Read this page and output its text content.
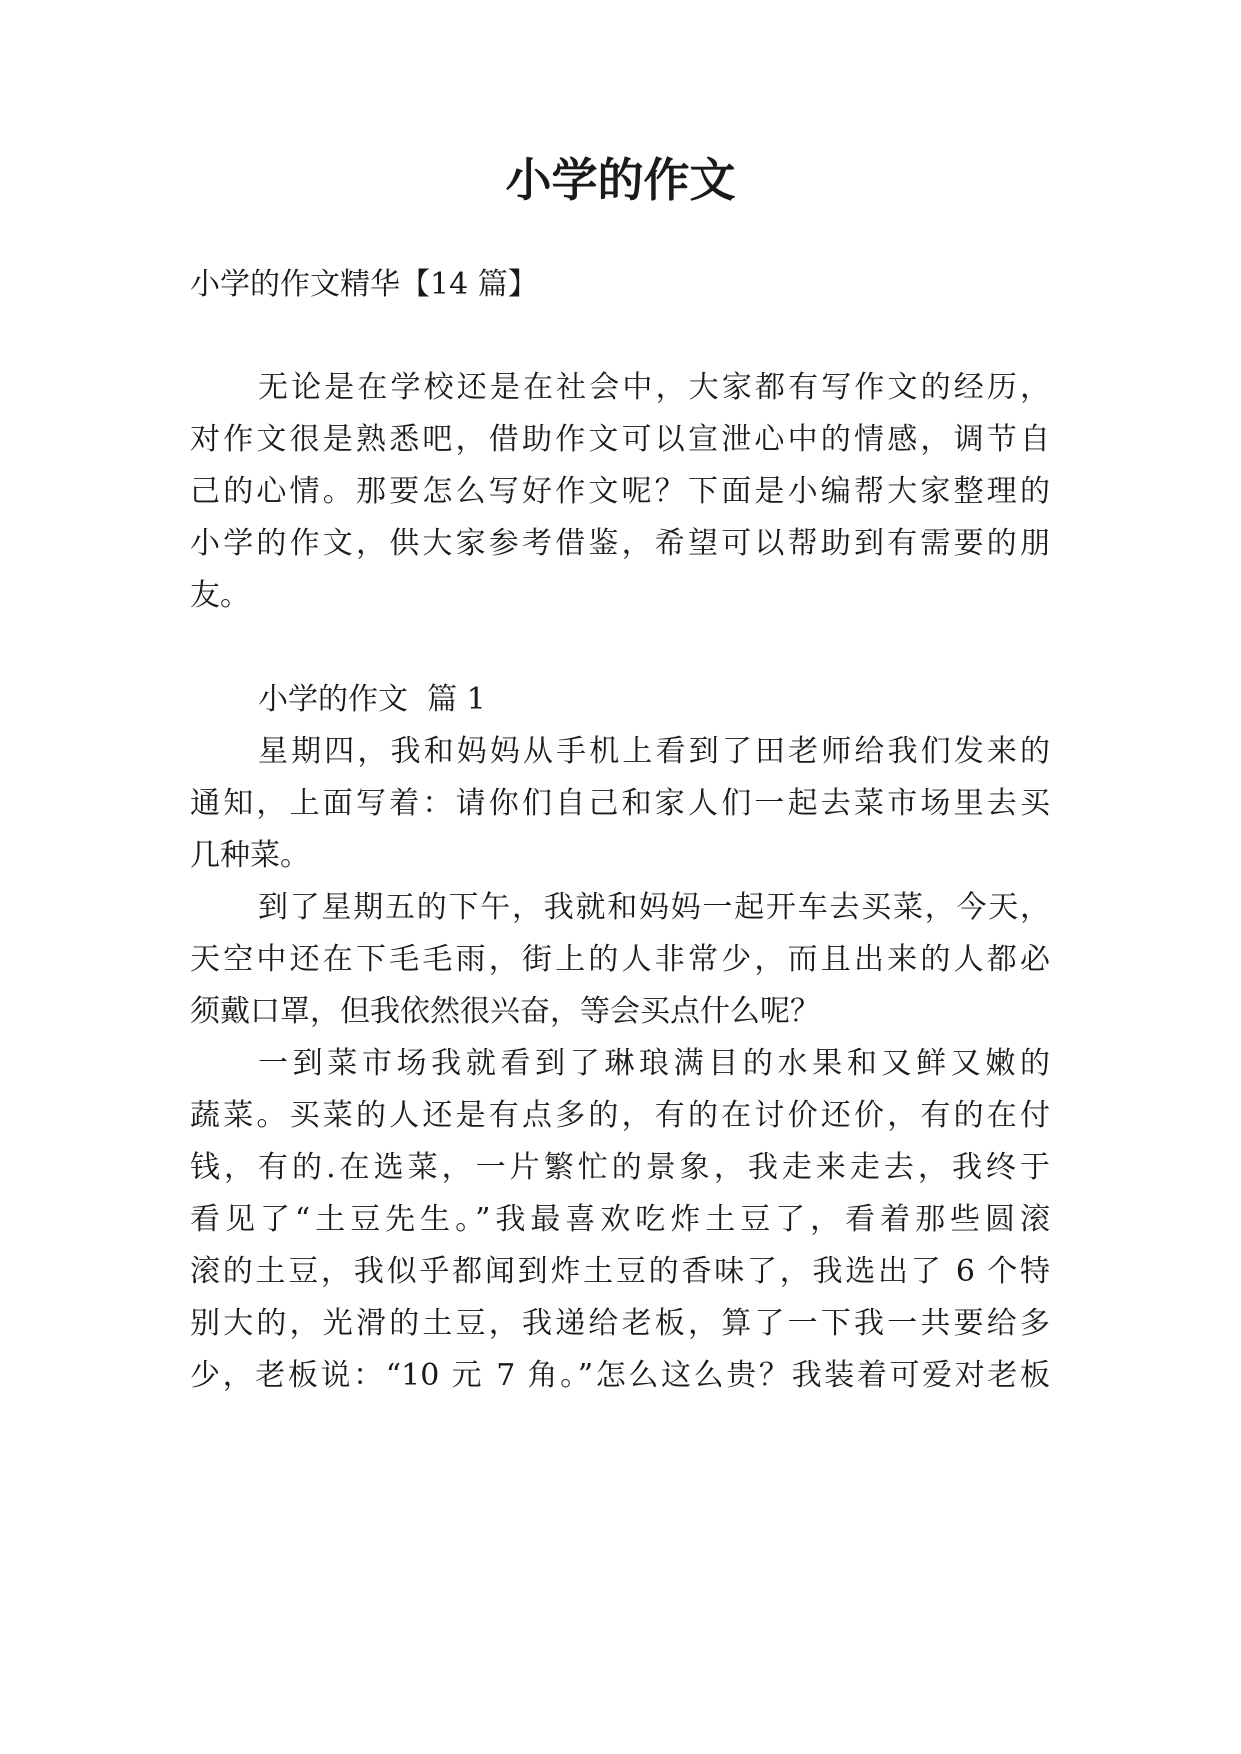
小学的作文

小学的作文精华【14 篇】

无论是在学校还是在社会中，大家都有写作文的经历，

对作文很是熟悉吧，借助作文可以宣泄心中的情感，调节自

己的心情。那要怎么写好作文呢？下面是小编帮大家整理的

小学的作文，供大家参考借鉴，希望可以帮助到有需要的朋

友。

小学的作文  篇 1

星期四，我和妈妈从手机上看到了田老师给我们发来的

通知，上面写着：请你们自己和家人们一起去菜市场里去买

几种菜。

到了星期五的下午，我就和妈妈一起开车去买菜，今天，

天空中还在下毛毛雨，街上的人非常少，而且出来的人都必

须戴口罩，但我依然很兴奋，等会买点什么呢？

一到菜市场我就看到了琳琅满目的水果和又鲜又嫩的

蔬菜。买菜的人还是有点多的，有的在讨价还价，有的在付

钱，有的.在选菜，一片繁忙的景象，我走来走去，我终于

看见了“土豆先生。”我最喜欢吃炸土豆了，看着那些圆滚

滚的土豆，我似乎都闻到炸土豆的香味了，我选出了 6 个特

别大的，光滑的土豆，我递给老板，算了一下我一共要给多

少，老板说：“10 元 7 角。”怎么这么贵？我装着可爱对老板
